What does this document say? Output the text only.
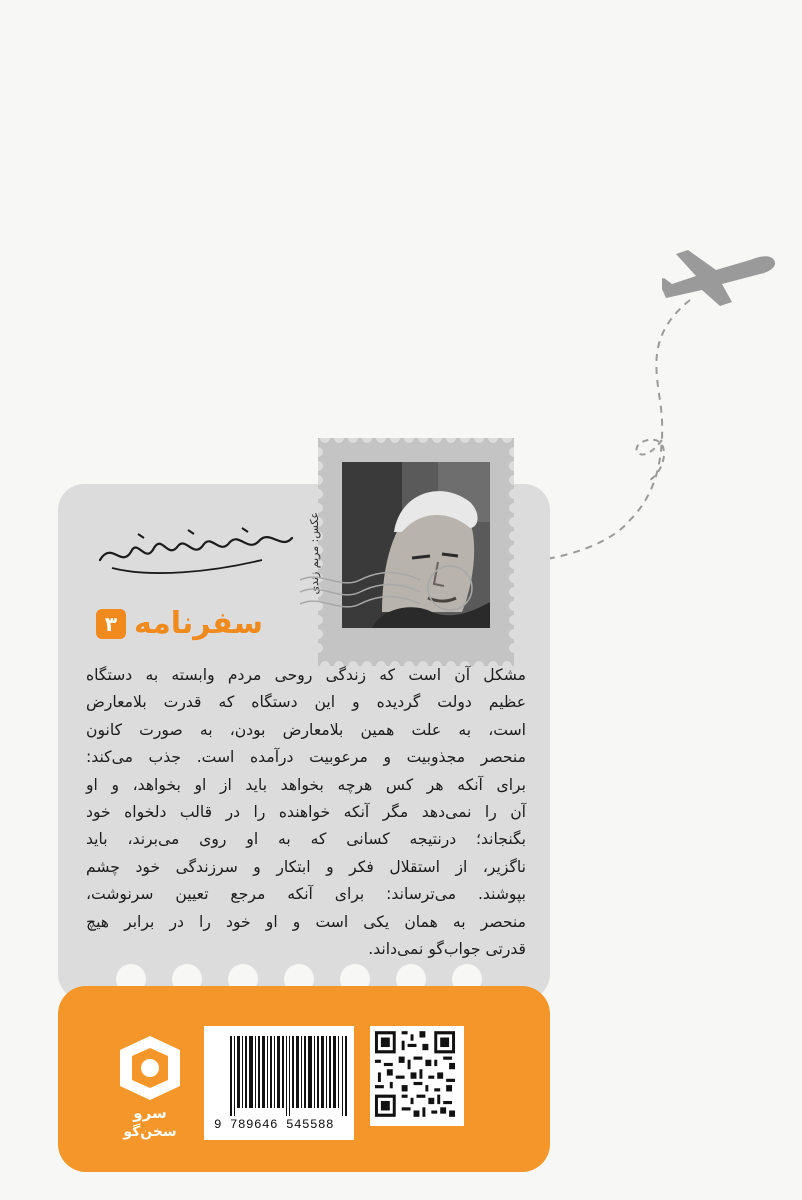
عکس: مریم زندی
سفرنامه
۳
مشکل آن است که زندگی روحی مردم وابسته به دستگاه
عظیم دولت گردیده و این دستگاه که قدرت بلامعارض
است، به علت همین بلامعارض بودن، به صورت کانون
منحصر مجذوبیت و مرعوبیت درآمده است. جذب می‌کند:
برای آنکه هر کس هرچه بخواهد باید از او بخواهد، و او
آن را نمی‌دهد مگر آنکه خواهنده را در قالب دلخواه خود
بگنجاند؛ درنتیجه کسانی که به او روی می‌برند، باید
ناگزیر، از استقلال فکر و ابتکار و سرزندگی خود چشم
بپوشند. می‌ترساند: برای آنکه مرجع تعیین سرنوشت،
منحصر به همان یکی است و او خود را در برابر هیچ
قدرتی جواب‌گو نمی‌داند.
سرو
سخن‌گو	9 789646 545588
